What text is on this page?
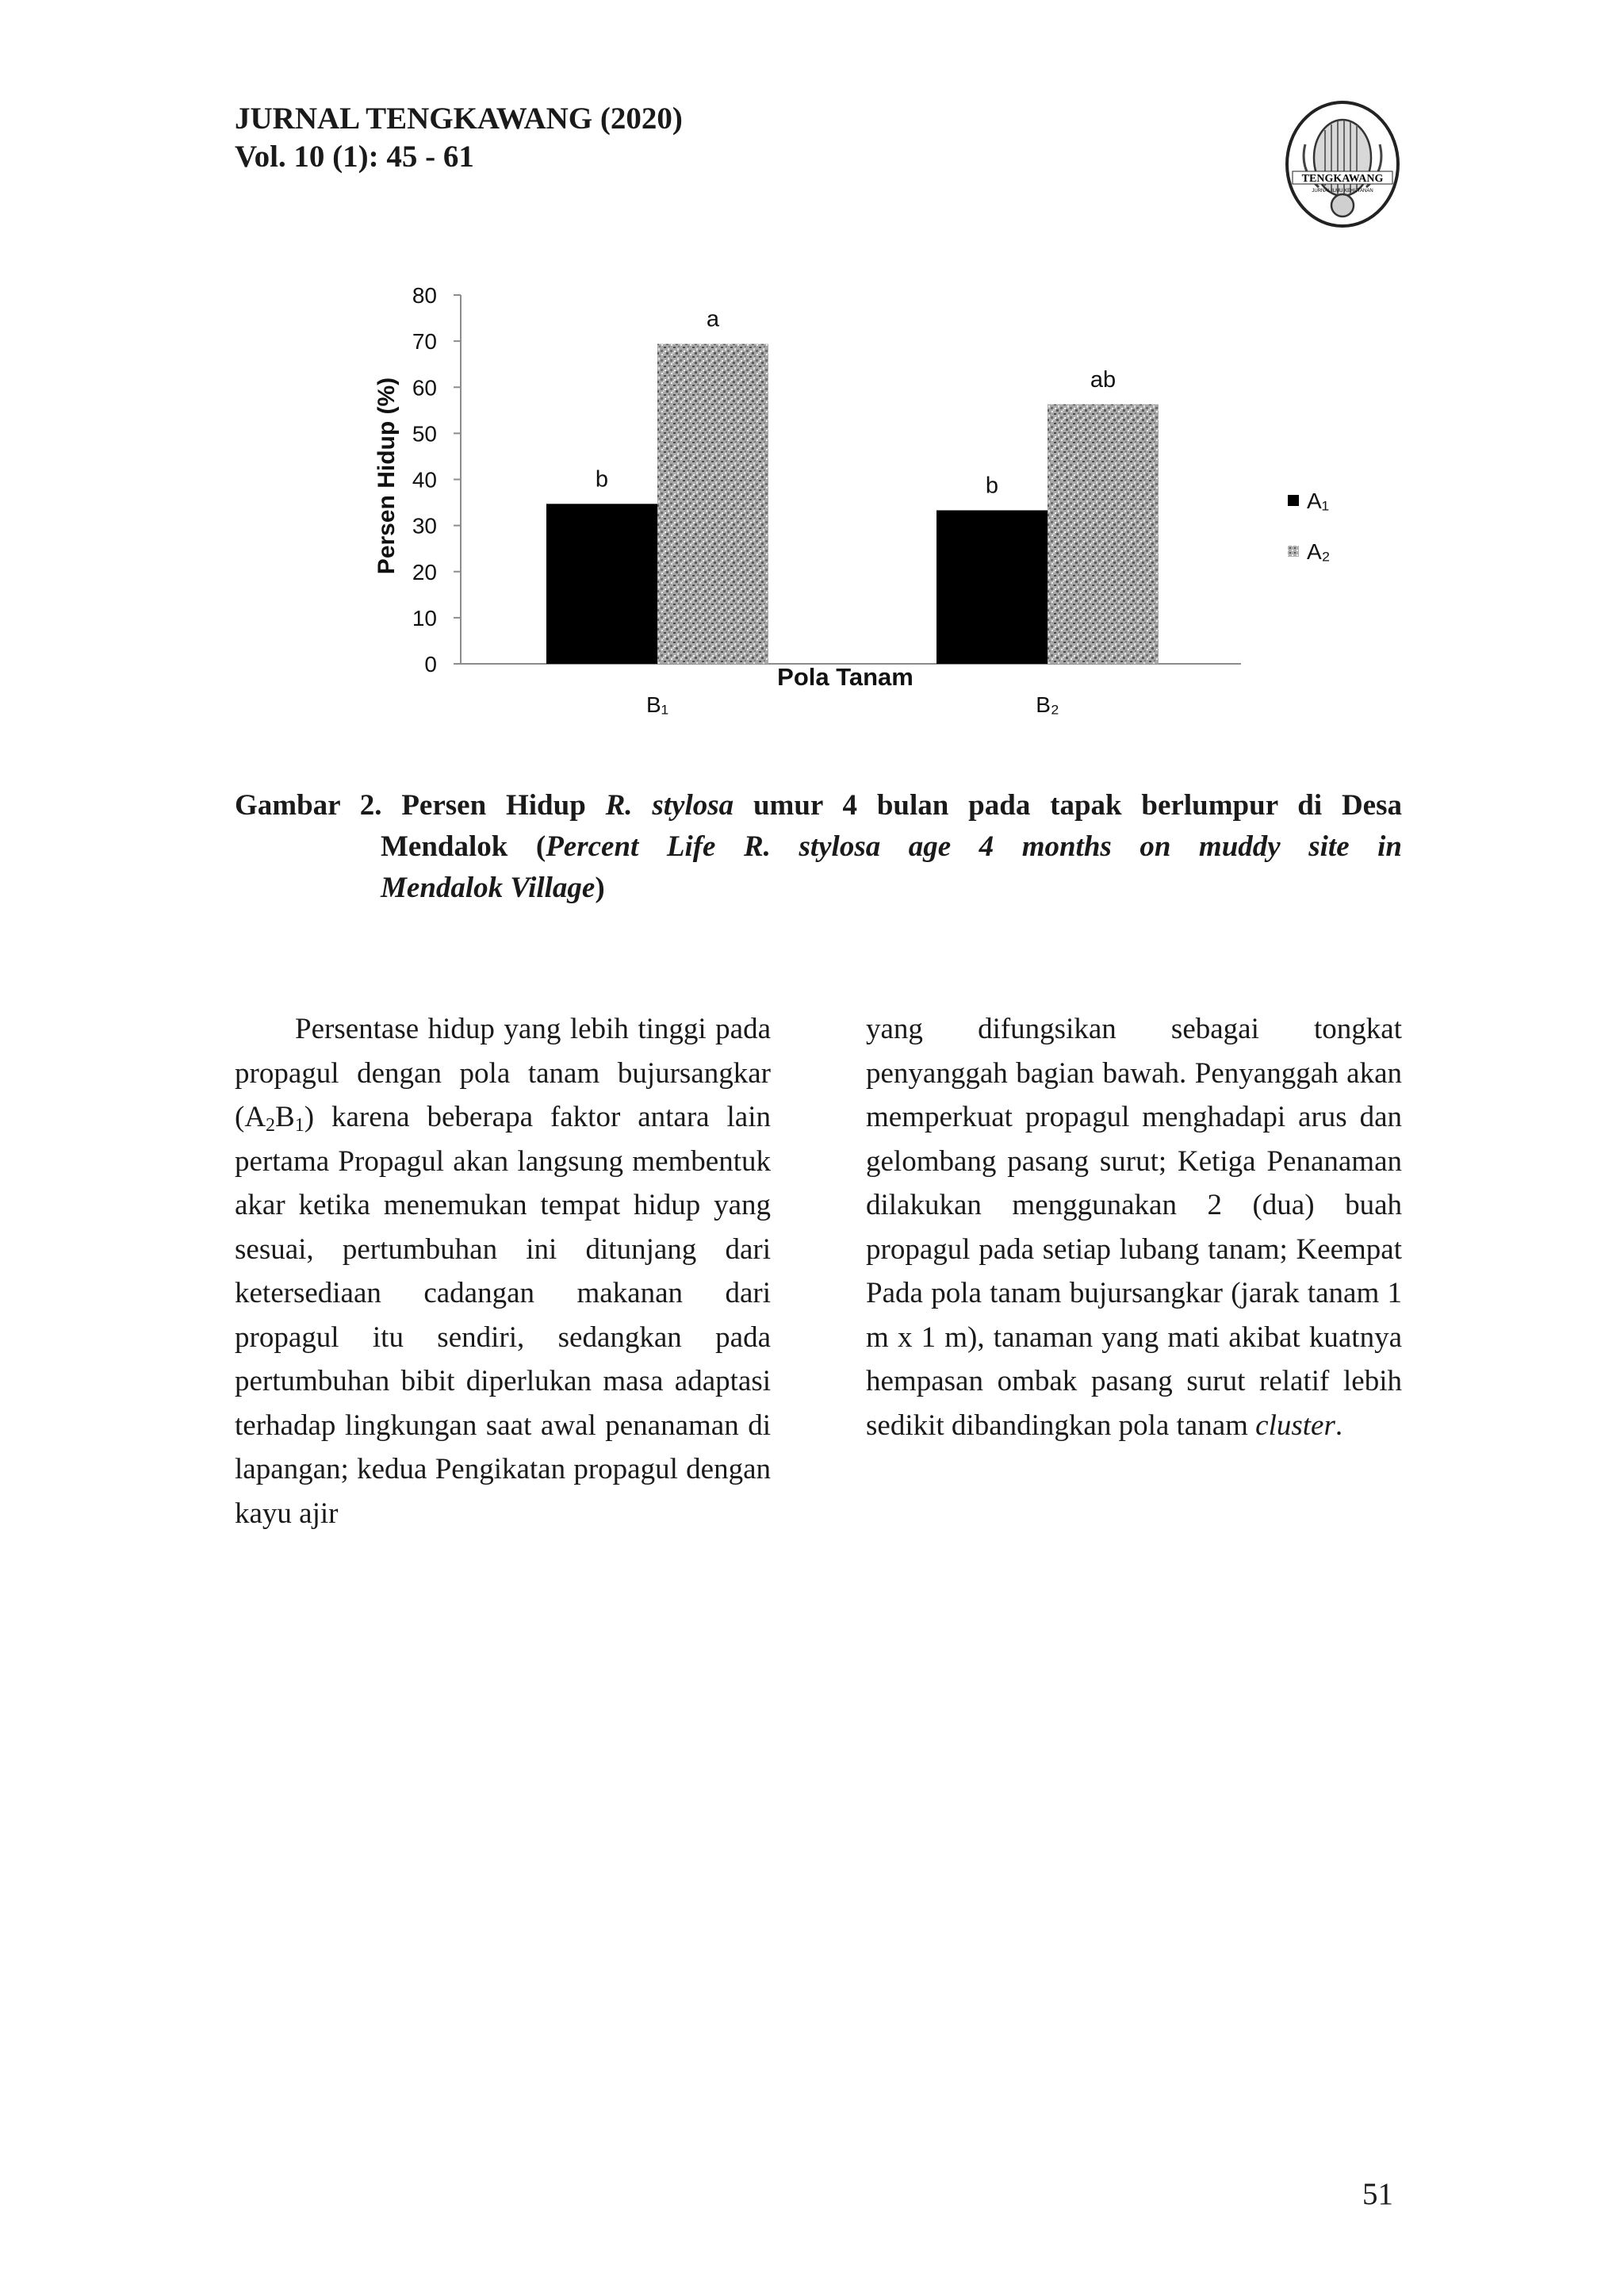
JURNAL TENGKAWANG (2020)
Vol. 10 (1): 45 - 61
TENGKAWANG
JURNAL ILMU KEHUTANAN
0
10
20
30
40
50
60
70
80
b
a
b
ab
B₁	B₂
Persen Hidup (%)
Pola Tanam
A₁
A₂
Gambar 2. Persen Hidup R. stylosa umur 4 bulan pada tapak berlumpur di Desa
Mendalok (Percent Life R. stylosa age 4 months on muddy site in
Mendalok Village)

Persentase hidup yang lebih tinggi pada propagul dengan pola tanam bujursangkar $(A_2B_1)$ karena beberapa faktor antara lain pertama Propagul akan langsung membentuk akar ketika menemukan tempat hidup yang sesuai, pertumbuhan ini ditunjang dari ketersediaan cadangan makanan dari propagul itu sendiri, sedangkan pada pertumbuhan bibit diperlukan masa adaptasi terhadap lingkungan saat awal penanaman di lapangan; kedua Pengikatan propagul dengan kayu ajir

yang difungsikan sebagai tongkat penyanggah bagian bawah. Penyanggah akan memperkuat propagul menghadapi arus dan gelombang pasang surut; Ketiga Penanaman dilakukan menggunakan 2 (dua) buah propagul pada setiap lubang tanam; Keempat Pada pola tanam bujursangkar (jarak tanam 1 m x 1 m), tanaman yang mati akibat kuatnya hempasan ombak pasang surut relatif lebih sedikit dibandingkan pola tanam cluster.

51
